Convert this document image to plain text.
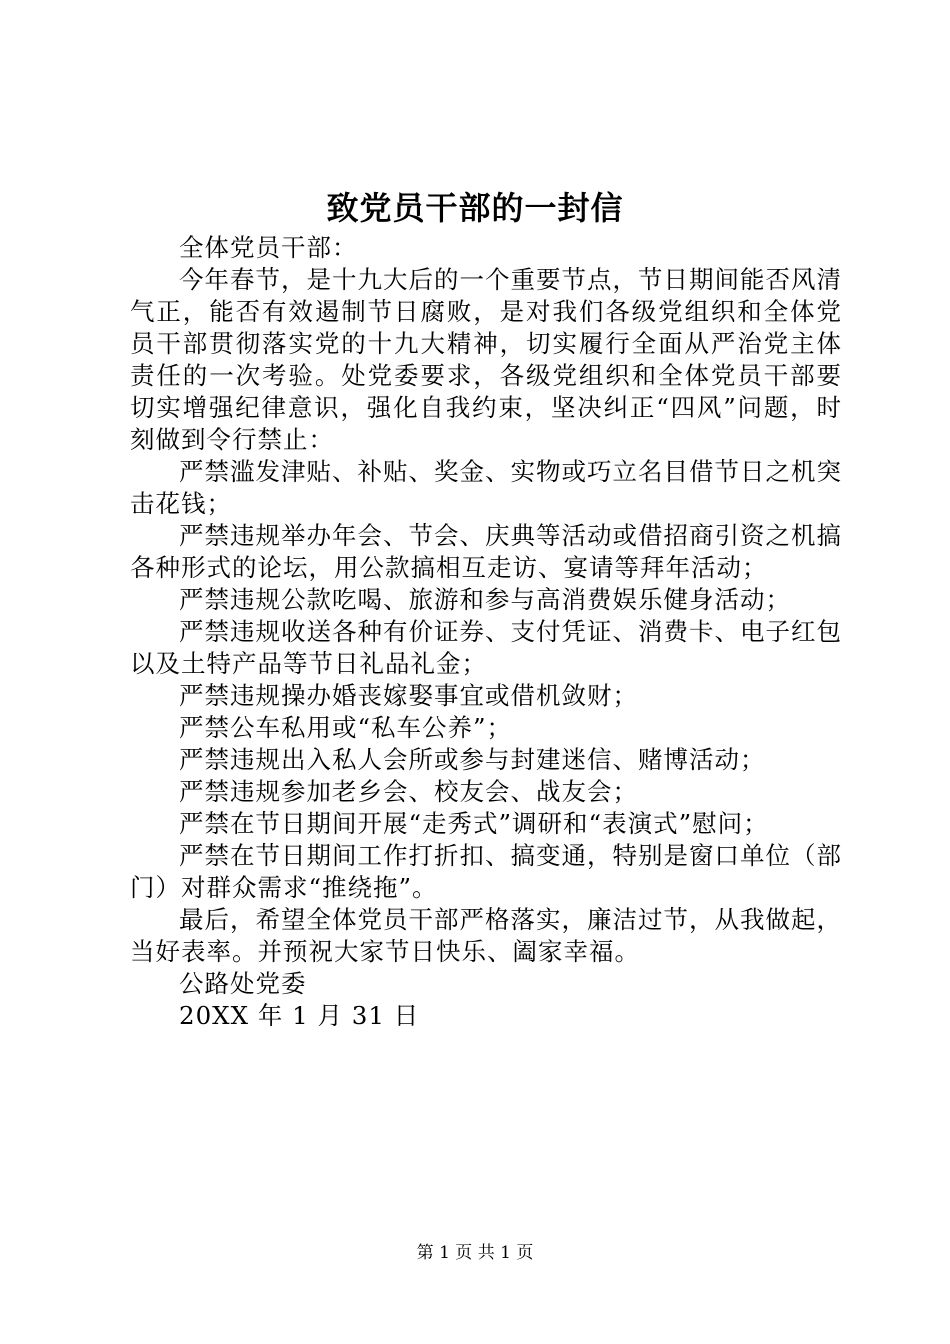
致党员干部的一封信

全体党员干部：

今年春节，是十九大后的一个重要节点，节日期间能否风清气正，能否有效遏制节日腐败，是对我们各级党组织和全体党员干部贯彻落实党的十九大精神，切实履行全面从严治党主体责任的一次考验。处党委要求，各级党组织和全体党员干部要切实增强纪律意识，强化自我约束，坚决纠正“四风”问题，时刻做到令行禁止：

严禁滥发津贴、补贴、奖金、实物或巧立名目借节日之机突击花钱；

严禁违规举办年会、节会、庆典等活动或借招商引资之机搞各种形式的论坛，用公款搞相互走访、宴请等拜年活动；

严禁违规公款吃喝、旅游和参与高消费娱乐健身活动；

严禁违规收送各种有价证券、支付凭证、消费卡、电子红包以及土特产品等节日礼品礼金；

严禁违规操办婚丧嫁娶事宜或借机敛财；

严禁公车私用或“私车公养”；

严禁违规出入私人会所或参与封建迷信、赌博活动；

严禁违规参加老乡会、校友会、战友会；

严禁在节日期间开展“走秀式”调研和“表演式”慰问；

严禁在节日期间工作打折扣、搞变通，特别是窗口单位（部门）对群众需求“推绕拖”。

最后，希望全体党员干部严格落实，廉洁过节，从我做起，当好表率。并预祝大家节日快乐、阖家幸福。

公路处党委

20XX 年 1 月 31 日

第 1 页 共 1 页
